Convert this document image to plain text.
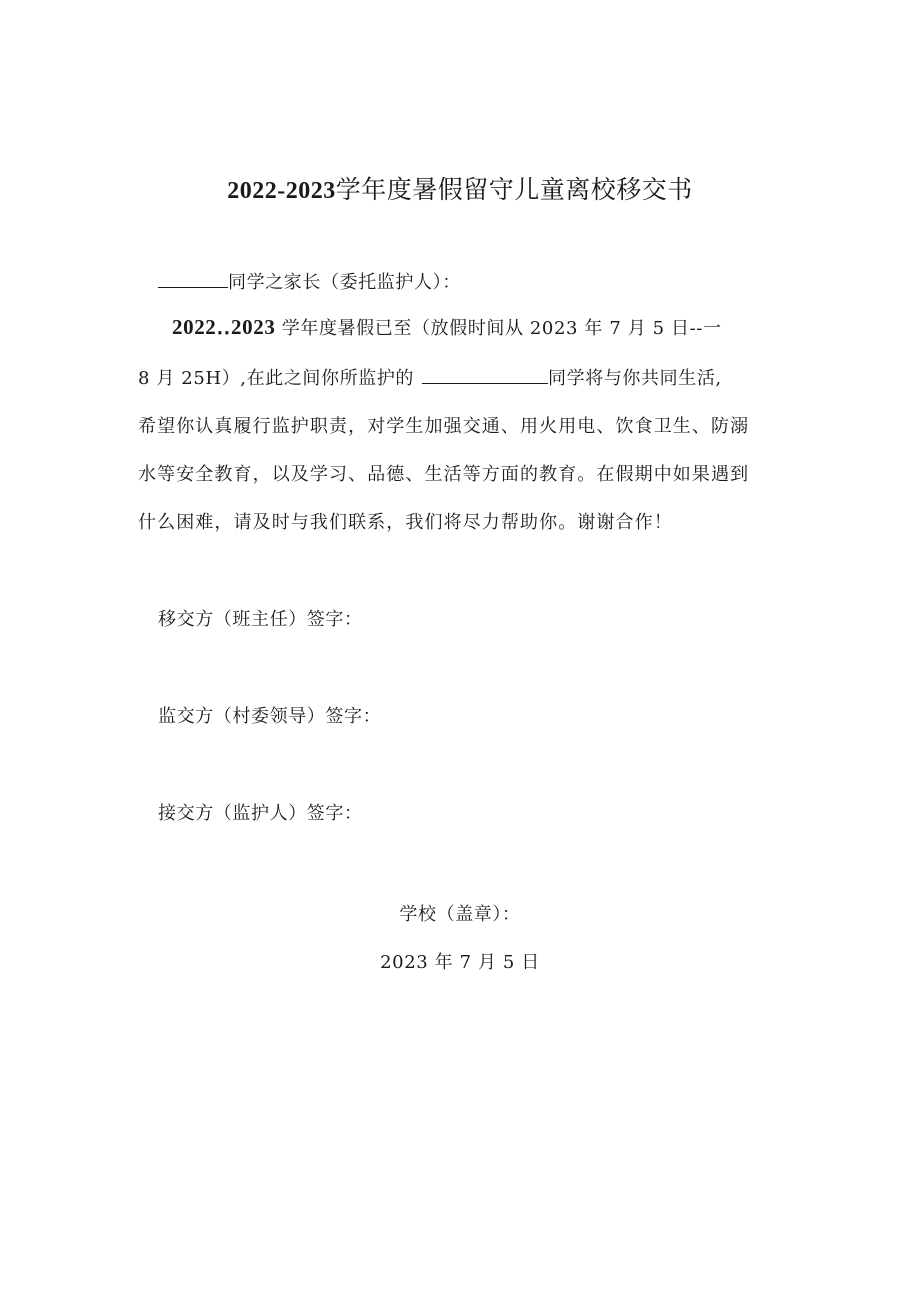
2022-2023学年度暑假留守儿童离校移交书
同学之家长（委托监护人）：
2022‥2023 学年度暑假已至（放假时间从 2023 年 7 月 5 日--一
8 月 25H）,在此之间你所监护的	同学将与你共同生活,
希望你认真履行监护职责，对学生加强交通、用火用电、饮食卫生、防溺
水等安全教育，以及学习、品德、生活等方面的教育。在假期中如果遇到
什么困难，请及时与我们联系，我们将尽力帮助你。谢谢合作！
移交方（班主任）签字：
监交方（村委领导）签字：
接交方（监护人）签字：
学校（盖章）：
2023 年 7 月 5 日
